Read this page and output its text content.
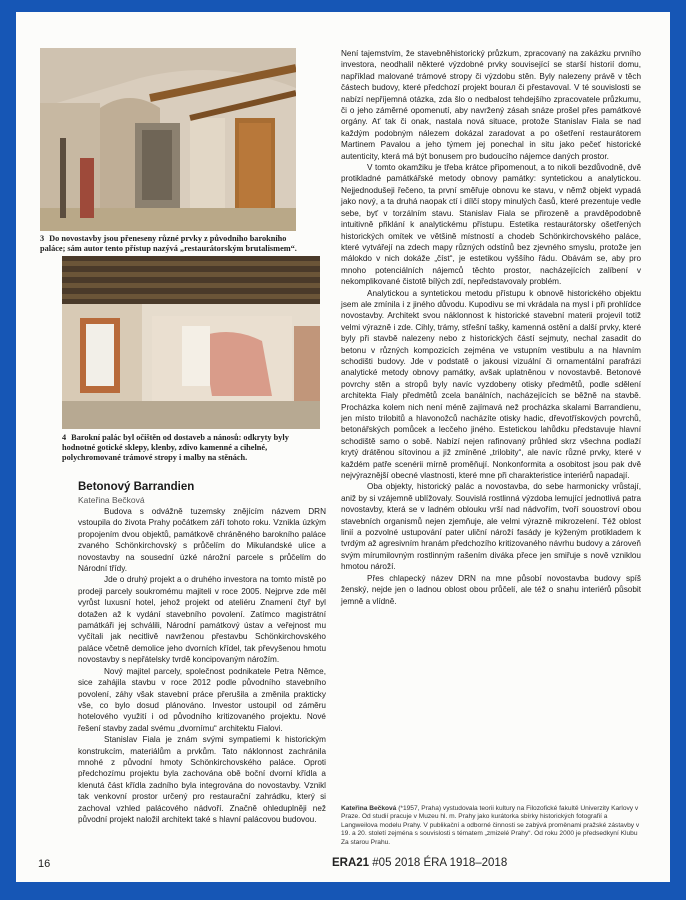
3 Do novostavby jsou přeneseny různé prvky z původního barokního paláce; sám autor tento přístup nazývá „restaurátorským brutalismem“.
4 Barokní palác byl očištěn od dostaveb a nánosů: odkryty byly hodnotné gotické sklepy, klenby, zdivo kamenné a cihelné, polychromované trámové stropy i malby na stěnách.
Betonový Barrandien
Kateřina Bečková

Budova s odvážně tuzemsky znějícím názvem DRN vstoupila do života Prahy počátkem září tohoto roku. Vznikla úzkým propojením dvou objektů, památkově chráněného barokního paláce zvaného Schönkirchovský s průčelím do Mikulandské ulice a novostavby na sousední úzké nárožní parcele s průčelím do Národní třídy.

Jde o druhý projekt a o druhého investora na tomto místě po prodeji parcely soukromému majiteli v roce 2005. Nejprve zde měl vyrůst luxusní hotel, jehož projekt od ateliéru Znamení čtyř byl dotažen až k vydání stavebního povolení. Zatímco magistrátní památkáři jej schválili, Národní památkový ústav a veřejnost mu vyčítali jak necitlivě navrženou přestavbu Schönkirchovského paláce včetně demolice jeho dvorních křídel, tak převyšenou hmotu novostavby s nepřátelsky tvrdě koncipovaným nárožím.

Nový majitel parcely, společnost podnikatele Petra Němce, sice zahájila stavbu v roce 2012 podle původního stavebního povolení, záhy však stavební práce přerušila a změnila prakticky vše, co bylo dosud plánováno. Investor ustoupil od záměru hotelového využití i od původního kritizovaného projektu. Nové řešení stavby zadal svému „dvornímu“ architektu Fialovi.

Stanislav Fiala je znám svými sympatiemi k historickým konstrukcím, materiálům a prvkům. Tato náklonnost zachránila mnohé z původní hmoty Schönkirchovského paláce. Oproti předchozímu projektu byla zachována obě boční dvorní křídla a klenutá část křídla zadního byla integrována do novostavby. Vznikl tak venkovní prostor určený pro restaurační zahrádku, který si zachoval vzhled palácového nádvoří. Značně ohleduplněji než původní projekt naložil architekt také s hlavní palácovou budovou.

Není tajemstvím, že stavebněhistorický průzkum, zpracovaný na zakázku prvního investora, neodhalil některé výzdobné prvky související se starší historií domu, například malované trámové stropy či výzdobu stěn. Byly nalezeny právě v těch částech budovy, které předchozí projekt bourал či přestavoval. V té souvislosti se nabízí nepříjemná otázka, zda šlo o nedbalost tehdejšího zpracovatele průzkumu, či o jeho záměrné opomenutí, aby navržený zásah snáze prošel přes památkové orgány. Ať tak či onak, nastala nová situace, protože Stanislav Fiala se nad každým podobným nálezem dokázal zaradovat a po ošetření restaurátorem Martinem Pavalou a jeho týmem jej ponechal in situ jako pečeť historické autenticity, která má být bonusem pro budoucího nájemce daných prostor.

V tomto okamžiku je třeba krátce připomenout, a to nikoli bezdůvodně, dvě protikladné památkářské metody obnovy památky: syntetickou a analytickou. Nejjednodušeji řečeno, ta první směřuje obnovu ke stavu, v němž objekt vypadá jako nový, a ta druhá naopak ctí i dílčí stopy minulých časů, které prezentuje vedle sebe, byť v torzálním stavu. Stanislav Fiala se přirozeně a pravděpodobně intuitivně přiklání k analytickému přístupu. Estetika restaurátorsky ošetřených historických omítek ve většině místností a chodeb Schönkirchovského paláce, které vytvářejí na zdech mapy různých odstínů bez zjevného smyslu, protože jen málokdo v nich dokáže „číst“, je estetikou vyššího řádu. Obávám se, aby pro mnoho potenciálních nájemců těchto prostor, nacházejících zalíbení v nekomplikované čistotě bílých zdí, nepředstavovaly problém.

Analytickou a syntetickou metodu přístupu k obnově historického objektu jsem ale zmínila i z jiného důvodu. Kupodivu se mi vkrádala na mysl i při prohlídce novostavby. Architekt svou náklonnost k historické stavební materii projevil totiž velmi výrazně i zde. Cihly, trámy, střešní tašky, kamenná ostění a další prvky, které byly při stavbě nalezeny nebo z historických částí sejmuty, nechal zasadit do betonu v různých kompozicích zejména ve vstupním vestibulu a na hlavním schodišti budovy. Jde v podstatě o jakousi vizuální či ornamentální parafrázi analytické metody obnovy památky, avšak uplatněnou v novostavbě. Betonové povrchy stěn a stropů byly navíc vyzdobeny otisky předmětů, podle sdělení architekta Fialy předmětů zcela banálních, nacházejících se běžně na stavbě. Procházka kolem nich není méně zajímavá než procházka skalami Barrandienu, jen místo trilobitů a hlavonožců nacházíte otisky hadic, dřevotřískových povrchů, betonářských pomůcek a lecčeho jiného. Estetickou lahůdku představuje hlavní schodiště samo o sobě. Nabízí nejen rafinovaný průhled skrz všechna podlaží krytý drátěnou sítovinou a již zmíněné „trilobity“, ale navíc různé prvky, které v každém patře scenérii mírně proměňují. Nonkonformita a osobitost jsou pak dvě nejvýraznější obecné vlastnosti, které mne při charakteristice interiérů napadají.

Oba objekty, historický palác a novostavba, do sebe harmonicky vrůstají, aniž by si vzájemně ublížovaly. Souvislá rostlinná výzdoba lemující jednotlivá patra novostavby, která se v ladném oblouku vrší nad nádvořím, tvoří souostroví obou stavebních organismů nejen zjemňuje, ale velmi výrazně mikrozelení. Též oblost linií a pozvolné ustupování pater uliční nároží fasády je kýženým protikladem k tvrdým až agresivním hranám předchozího kritizovaného návrhu budovy a zároveň svým mírumilovným rostlinným rašením diváka přece jen smiřuje s nově vzniklou hmotou nároží.

Přes chlapecký název DRN na mne působí novostavba budovy spíš ženský, nejde jen o ladnou oblost obou průčelí, ale též o snahu interiérů působit jemně a vlídně.

Kateřina Bečková (*1957, Praha) vystudovala teorii kultury na Filozofické fakultě Univerzity Karlovy v Praze. Od studií pracuje v Muzeu hl. m. Prahy jako kurátorka sbírky historických fotografií a Langweilova modelu Prahy. V publikační a odborné činnosti se zabývá proměnami pražské zástavby v 19. a 20. století zejména s souvislosti s tématem „zmizelé Prahy“. Od roku 2000 je předsedkyní Klubu Za starou Prahu.
16	ERA21 #05 2018 ÉRA 1918–2018
